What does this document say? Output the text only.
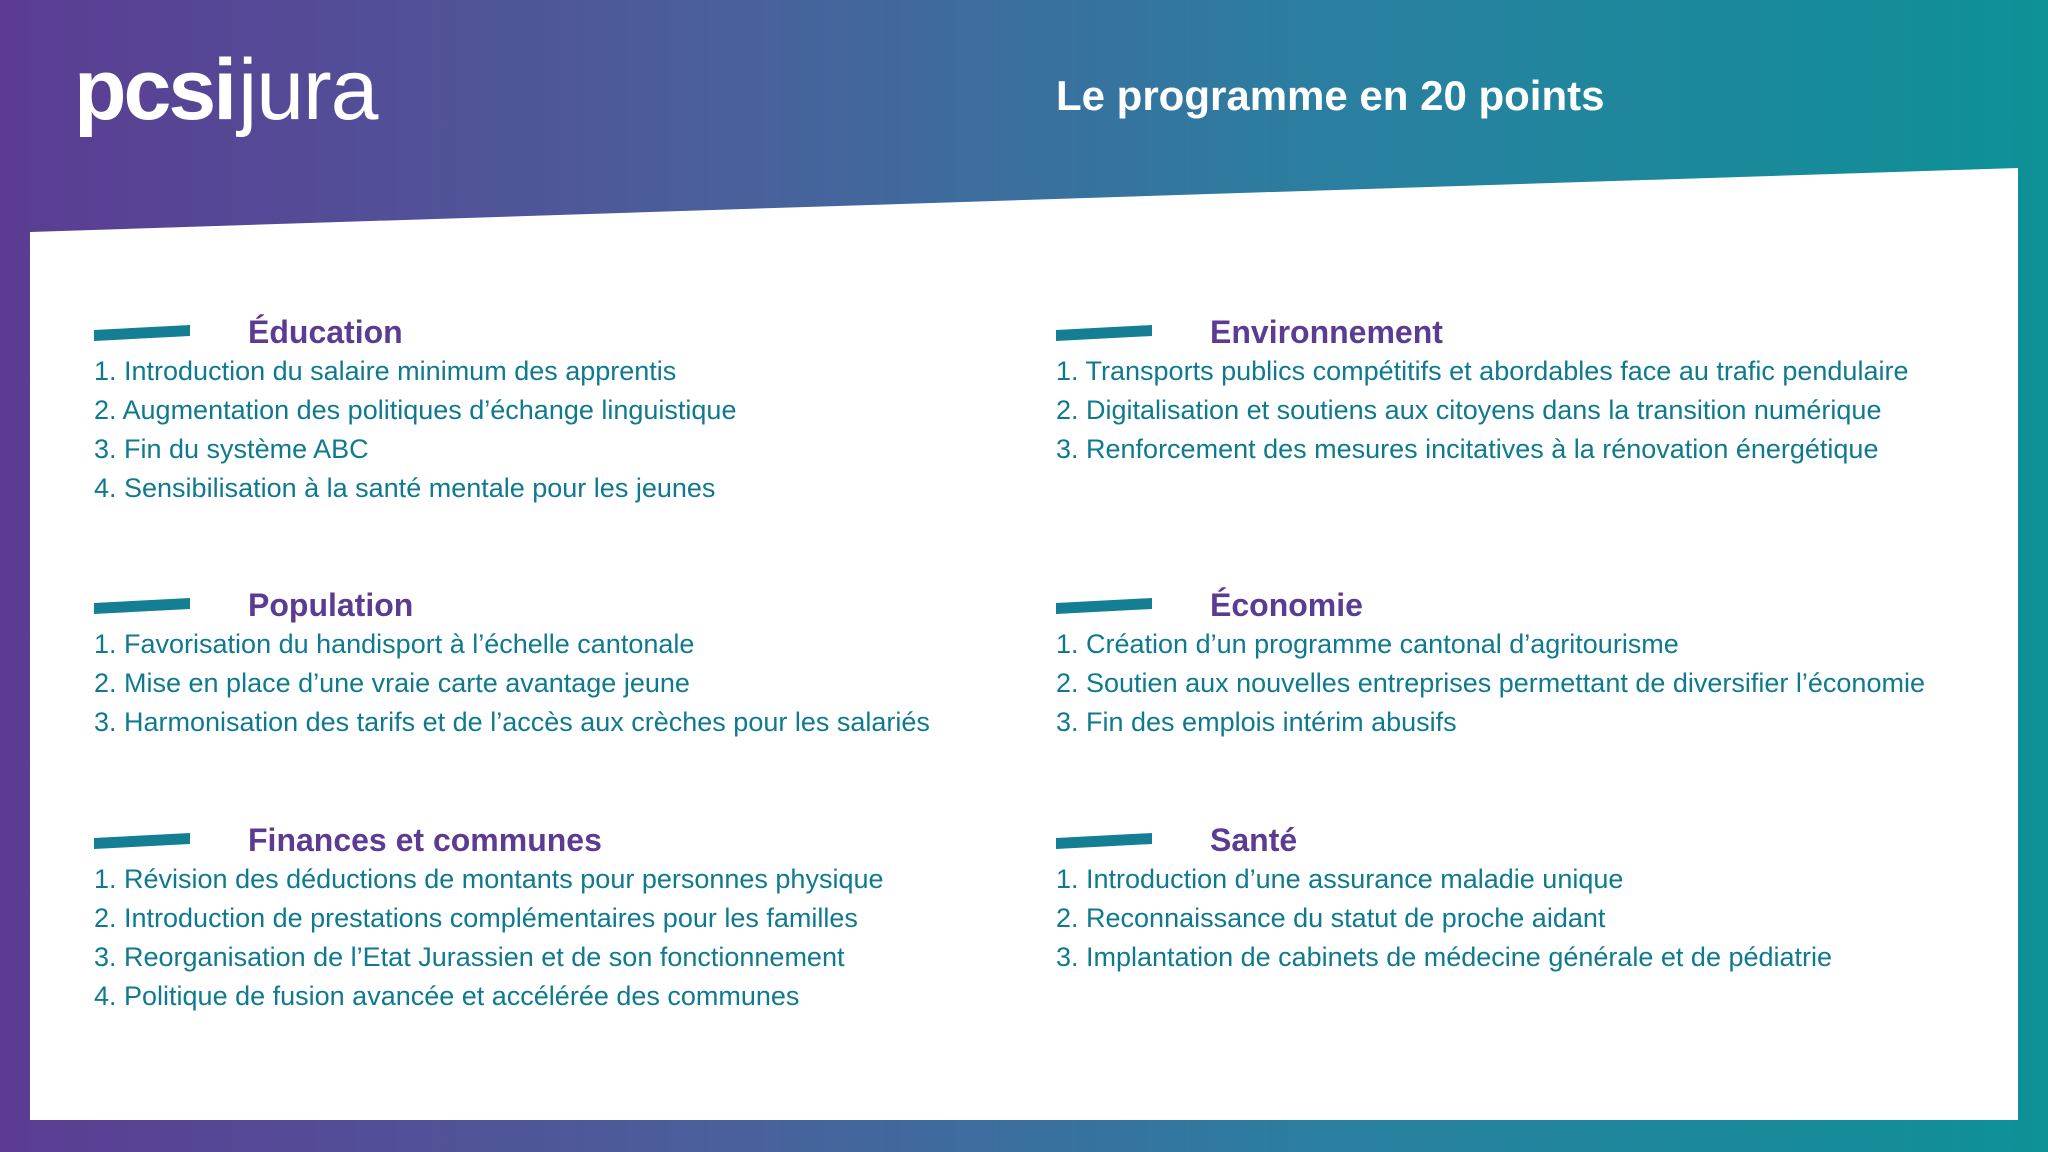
pcsi jura	Le programme en 20 points
Éducation
1. Introduction du salaire minimum des apprentis
2. Augmentation des politiques d’échange linguistique
3. Fin du système ABC
4. Sensibilisation à la santé mentale pour les jeunes
Environnement
1. Transports publics compétitifs et abordables face au trafic pendulaire
2. Digitalisation et soutiens aux citoyens dans la transition numérique
3. Renforcement des mesures incitatives à la rénovation énergétique
Population
1. Favorisation du handisport à l’échelle cantonale
2. Mise en place d’une vraie carte avantage jeune
3. Harmonisation des tarifs et de l’accès aux crèches pour les salariés
Économie
1. Création d’un programme cantonal d’agritourisme
2. Soutien aux nouvelles entreprises permettant de diversifier l’économie
3. Fin des emplois intérim abusifs
Finances et communes
1. Révision des déductions de montants pour personnes physique
2. Introduction de prestations complémentaires pour les familles
3. Reorganisation de l’Etat Jurassien et de son fonctionnement
4. Politique de fusion avancée et accélérée des communes
Santé
1. Introduction d’une assurance maladie unique
2. Reconnaissance du statut de proche aidant
3. Implantation de cabinets de médecine générale et de pédiatrie
